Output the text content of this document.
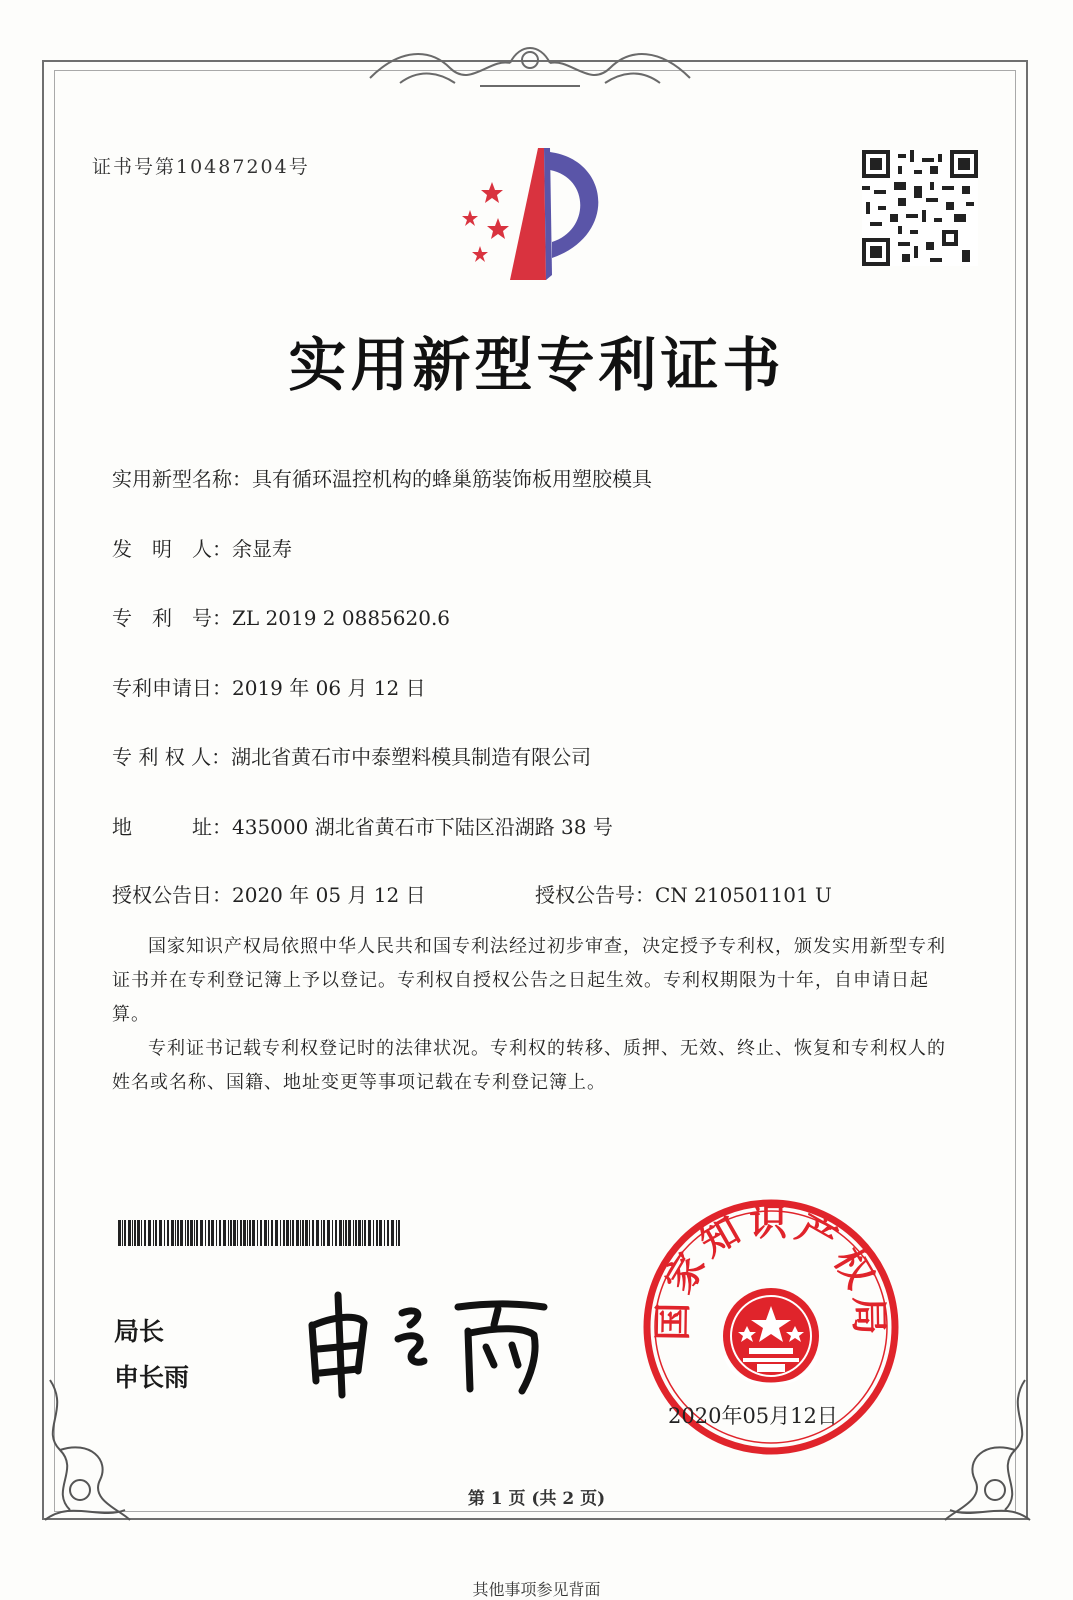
证书号第10487204号
实用新型专利证书
实用新型名称：具有循环温控机构的蜂巢筋装饰板用塑胶模具
发　明　人：余显寿
专　利　号：ZL 2019 2 0885620.6
专利申请日：2019 年 06 月 12 日
专 利 权 人：湖北省黄石市中泰塑料模具制造有限公司
地　　　址：435000 湖北省黄石市下陆区沿湖路 38 号
授权公告日：2020 年 05 月 12 日	授权公告号：CN 210501101 U

国家知识产权局依照中华人民共和国专利法经过初步审查，决定授予专利权，颁发实用新型专利证书并在专利登记簿上予以登记。专利权自授权公告之日起生效。专利权期限为十年，自申请日起算。

专利证书记载专利权登记时的法律状况。专利权的转移、质押、无效、终止、恢复和专利权人的姓名或名称、国籍、地址变更等事项记载在专利登记簿上。

局长
申长雨
国家知识产权局
2020年05月12日
第 1 页 (共 2 页)
其他事项参见背面
